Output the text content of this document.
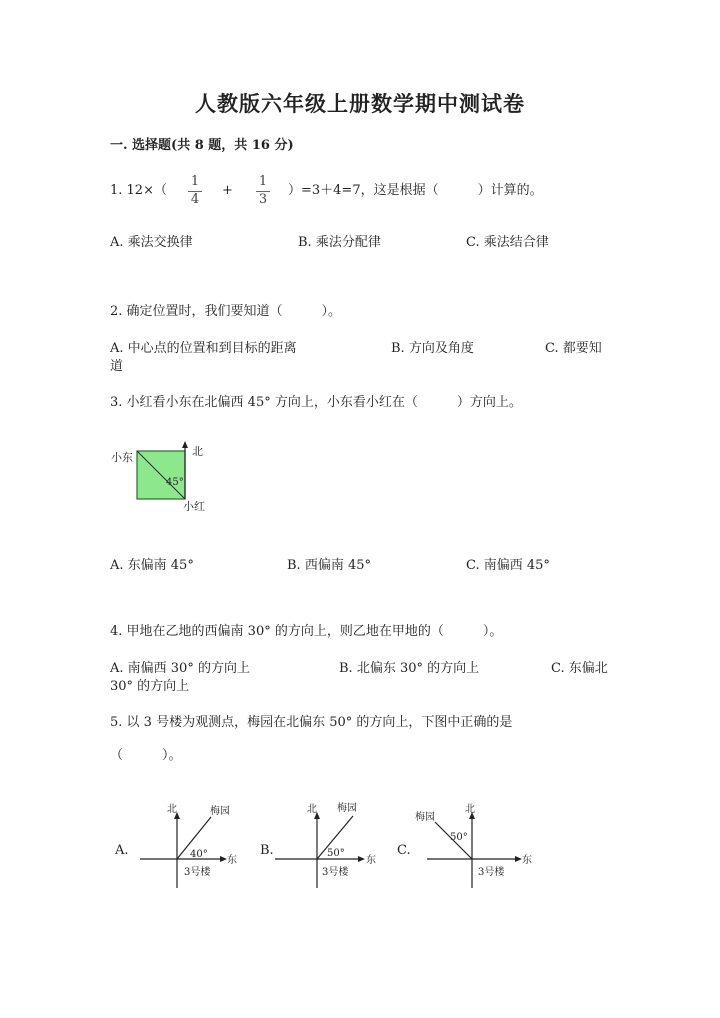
人教版六年级上册数学期中测试卷
一. 选择题(共 8 题，共 16 分)
1. 12×（
1
4
+
1
3
）=3＋4=7，这是根据（　　　）计算的。
A. 乘法交换律	B. 乘法分配律	C. 乘法结合律
2. 确定位置时，我们要知道（　　　）。
A. 中心点的位置和到目标的距离	B. 方向及角度	C. 都要知
道
3. 小红看小东在北偏西 45° 方向上，小东看小红在（　　　）方向上。
小东	北
45°
小红
A. 东偏南 45°	B. 西偏南 45°	C. 南偏西 45°
4. 甲地在乙地的西偏南 30° 的方向上，则乙地在甲地的（　　　）。
A. 南偏西 30° 的方向上	B. 北偏东 30° 的方向上	C. 东偏北
30° 的方向上
5. 以 3 号楼为观测点，梅园在北偏东 50° 的方向上，下图中正确的是
（　　　）。
A.
北	梅园
40°
东
3号楼
B.
北 梅园
50°
东
3号楼
C.
北
梅园
50°
东
3号楼
